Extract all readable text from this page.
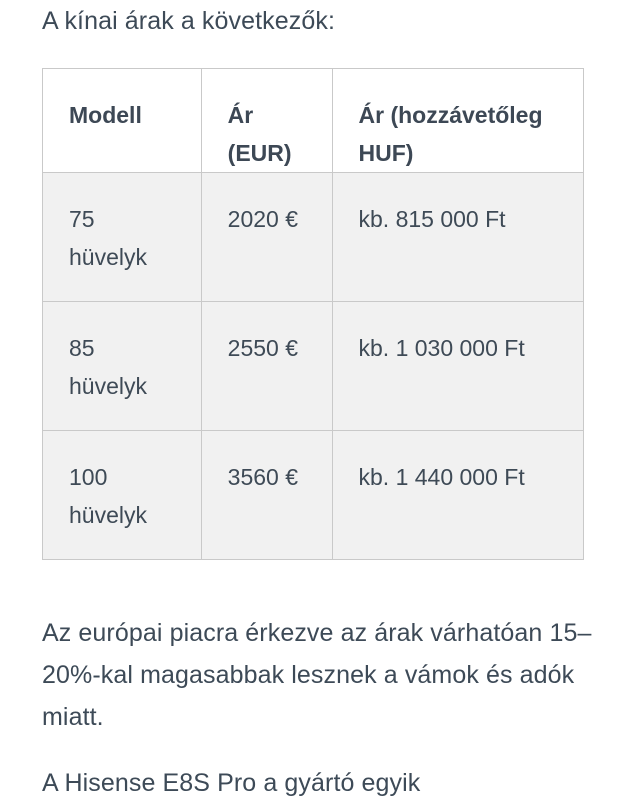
A kínai árak a következők:

Modell	Ár (EUR)	Ár (hozzávetőleg HUF)
75 hüvelyk	2020 €	kb. 815 000 Ft
85 hüvelyk	2550 €	kb. 1 030 000 Ft
100 hüvelyk	3560 €	kb. 1 440 000 Ft

Az európai piacra érkezve az árak várhatóan 15–20%-kal magasabbak lesznek a vámok és adók miatt.

A Hisense E8S Pro a gyártó egyik
